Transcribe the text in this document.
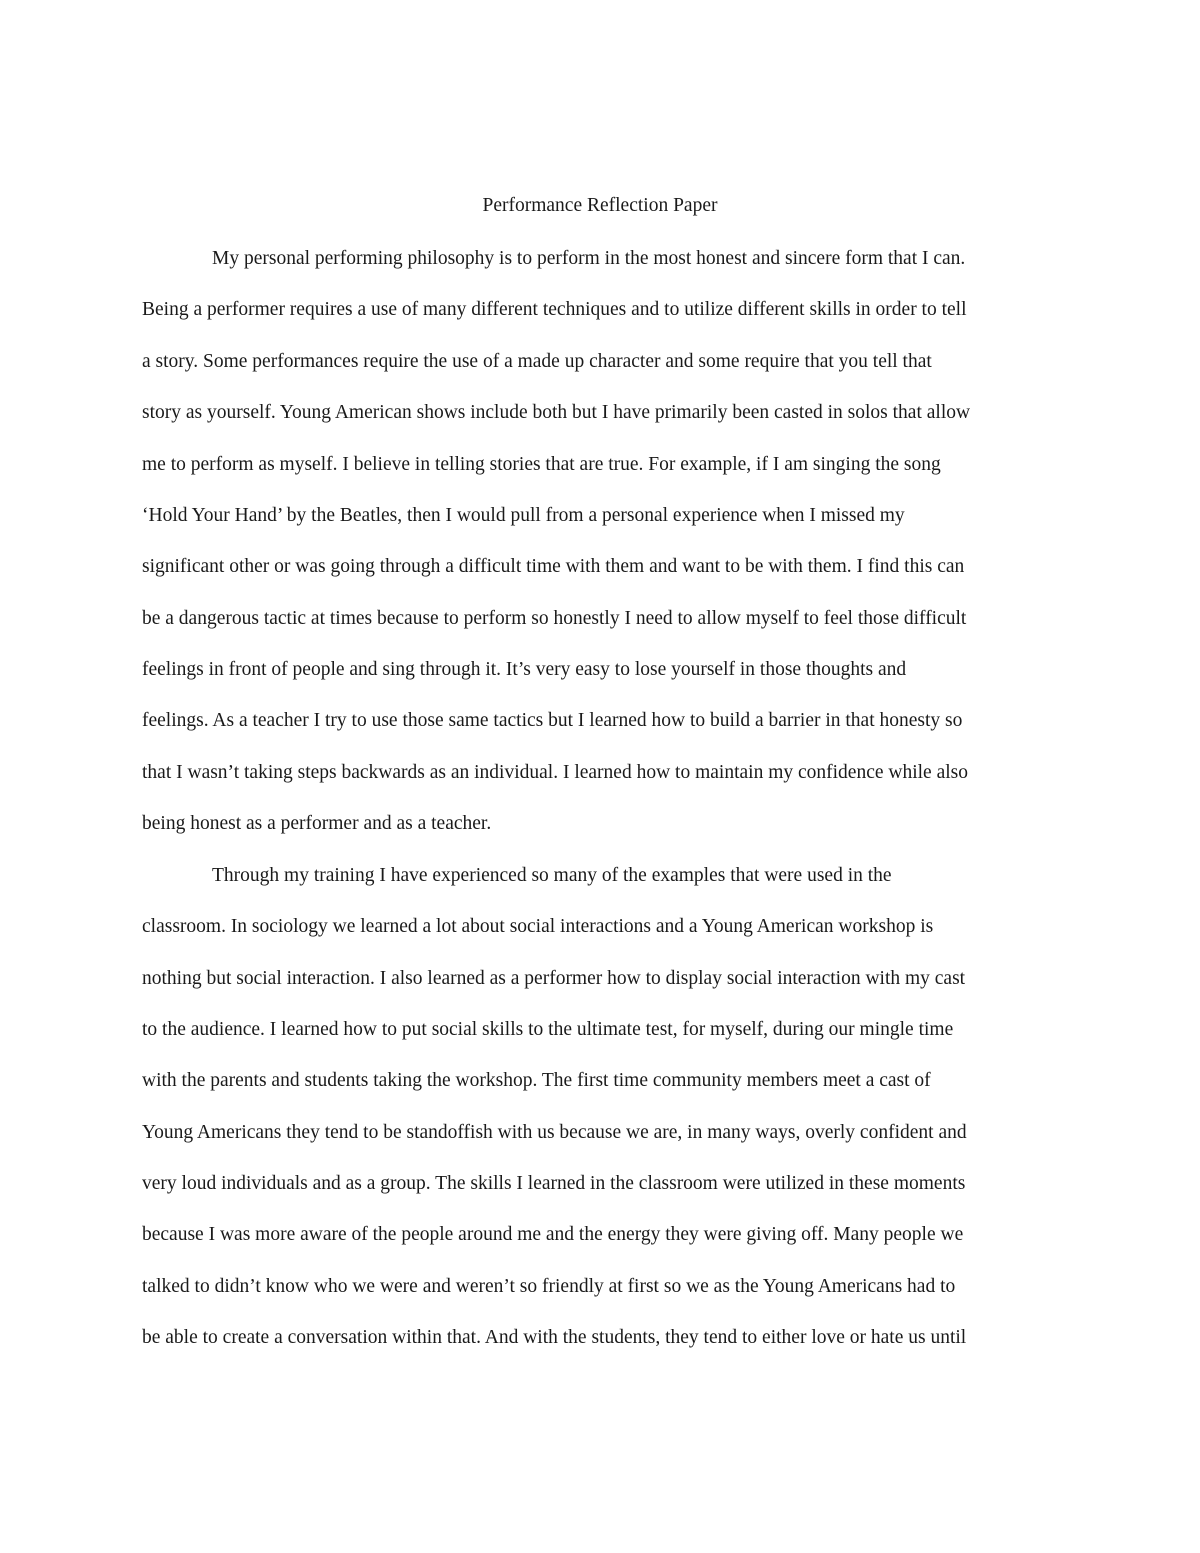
Performance Reflection Paper
My personal performing philosophy is to perform in the most honest and sincere form that I can.
Being a performer requires a use of many different techniques and to utilize different skills in order to tell
a story. Some performances require the use of a made up character and some require that you tell that
story as yourself. Young American shows include both but I have primarily been casted in solos that allow
me to perform as myself. I believe in telling stories that are true. For example, if I am singing the song
‘Hold Your Hand’ by the Beatles, then I would pull from a personal experience when I missed my
significant other or was going through a difficult time with them and want to be with them. I find this can
be a dangerous tactic at times because to perform so honestly I need to allow myself to feel those difficult
feelings in front of people and sing through it. It’s very easy to lose yourself in those thoughts and
feelings. As a teacher I try to use those same tactics but I learned how to build a barrier in that honesty so
that I wasn’t taking steps backwards as an individual. I learned how to maintain my confidence while also
being honest as a performer and as a teacher.
Through my training I have experienced so many of the examples that were used in the
classroom. In sociology we learned a lot about social interactions and a Young American workshop is
nothing but social interaction. I also learned as a performer how to display social interaction with my cast
to the audience. I learned how to put social skills to the ultimate test, for myself, during our mingle time
with the parents and students taking the workshop. The first time community members meet a cast of
Young Americans they tend to be standoffish with us because we are, in many ways, overly confident and
very loud individuals and as a group. The skills I learned in the classroom were utilized in these moments
because I was more aware of the people around me and the energy they were giving off. Many people we
talked to didn’t know who we were and weren’t so friendly at first so we as the Young Americans had to
be able to create a conversation within that. And with the students, they tend to either love or hate us until
